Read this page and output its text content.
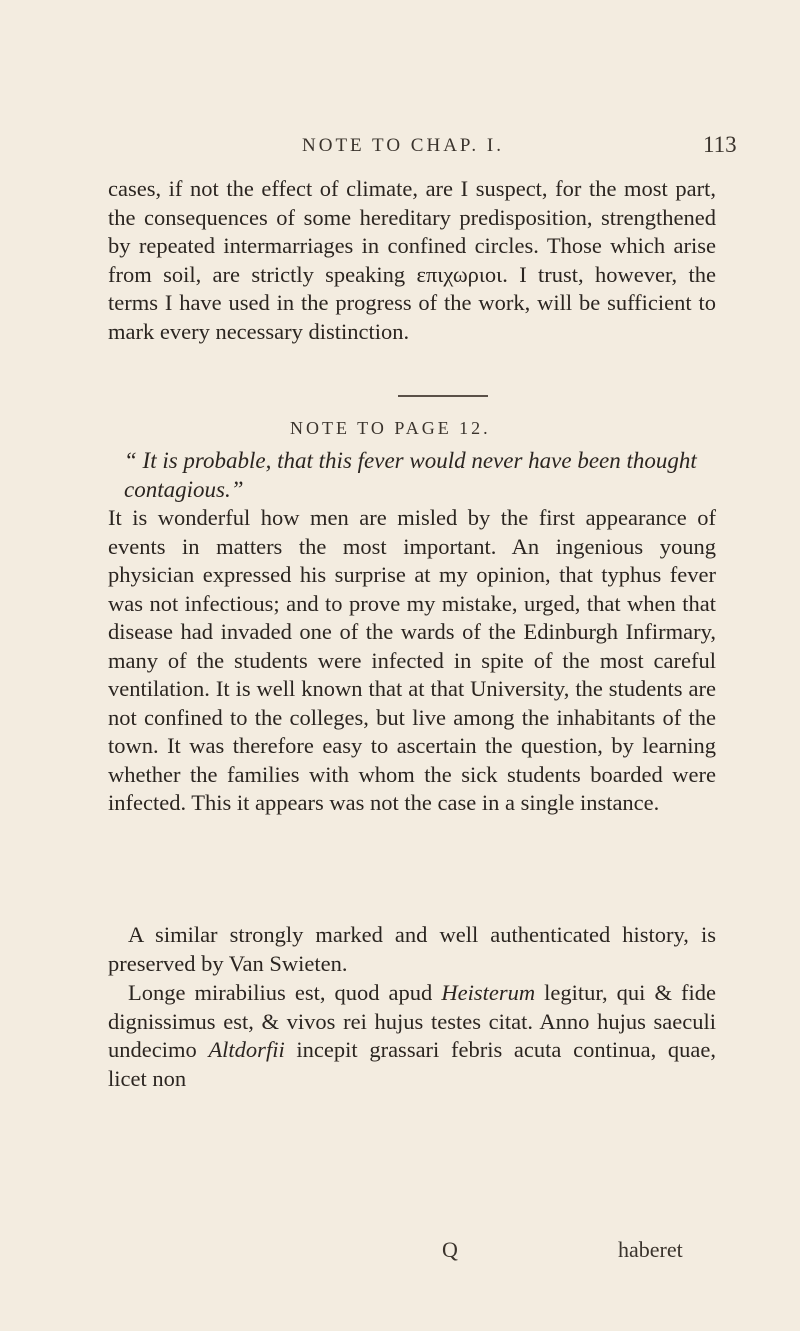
NOTE TO CHAP. I.	113

cases, if not the effect of climate, are I suspect, for the most part, the consequences of some hereditary predisposition, strengthened by repeated intermarriages in confined circles. Those which arise from soil, are strictly speaking επιχωριοι. I trust, however, the terms I have used in the progress of the work, will be sufficient to mark every necessary distinction.

NOTE TO PAGE 12.

“ It is probable, that this fever would never have been thought contagious.”

It is wonderful how men are misled by the first appearance of events in matters the most important. An ingenious young physician expressed his surprise at my opinion, that typhus fever was not infectious; and to prove my mistake, urged, that when that disease had invaded one of the wards of the Edinburgh Infirmary, many of the students were infected in spite of the most careful ventilation. It is well known that at that University, the students are not confined to the colleges, but live among the inhabitants of the town. It was therefore easy to ascertain the question, by learning whether the families with whom the sick students boarded were infected. This it appears was not the case in a single instance.

A similar strongly marked and well authenticated history, is preserved by Van Swieten.

Longe mirabilius est, quod apud Heisterum legitur, qui & fide dignissimus est, & vivos rei hujus testes citat. Anno hujus saeculi undecimo Altdorfii incepit grassari febris acuta continua, quae, licet non

Q	haberet
